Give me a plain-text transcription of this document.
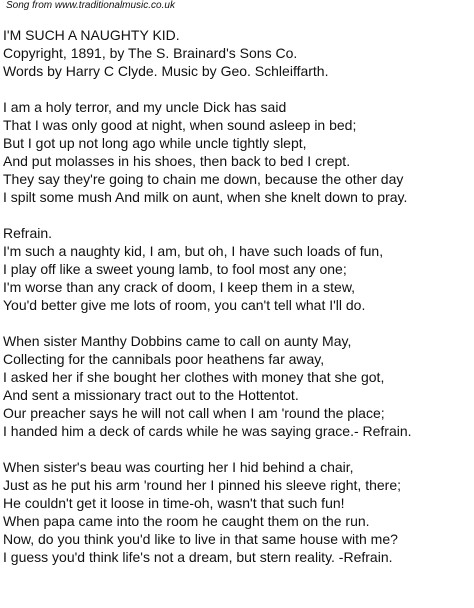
Song from www.traditionalmusic.co.uk
I'M SUCH A NAUGHTY KID.
Copyright, 1891, by The S. Brainard's Sons Co.
Words by Harry C Clyde. Music by Geo. Schleiffarth.
I am a holy terror, and my uncle Dick has said
That I was only good at night, when sound asleep in bed;
But I got up not long ago while uncle tightly slept,
And put molasses in his shoes, then back to bed I crept.
They say they're going to chain me down, because the other day
I spilt some mush And milk on aunt, when she knelt down to pray.
Refrain.
I'm such a naughty kid, I am, but oh, I have such loads of fun,
I play off like a sweet young lamb, to fool most any one;
I'm worse than any crack of doom, I keep them in a stew,
You'd better give me lots of room, you can't tell what I'll do.
When sister Manthy Dobbins came to call on aunty May,
Collecting for the cannibals poor heathens far away,
I asked her if she bought her clothes with money that she got,
And sent a missionary tract out to the Hottentot.
Our preacher says he will not call when I am 'round the place;
I handed him a deck of cards while he was saying grace.- Refrain.
When sister's beau was courting her I hid behind a chair,
Just as he put his arm 'round her I pinned his sleeve right, there;
He couldn't get it loose in time-oh, wasn't that such fun!
When papa came into the room he caught them on the run.
Now, do you think you'd like to live in that same house with me?
I guess you'd think life's not a dream, but stern reality. -Refrain.
